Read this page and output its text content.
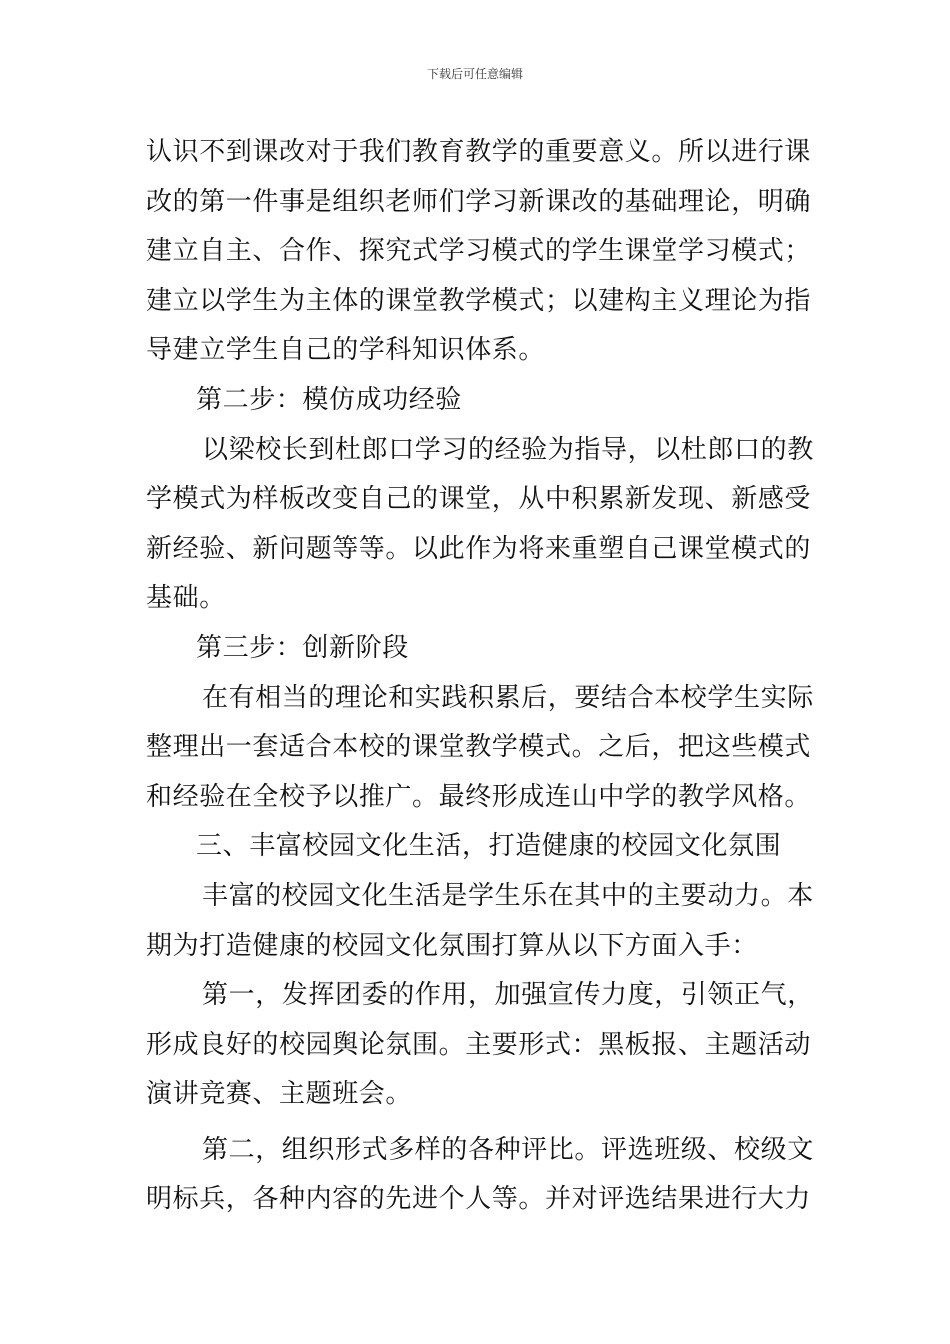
下载后可任意编辑
认识不到课改对于我们教育教学的重要意义。所以进行课
改的第一件事是组织老师们学习新课改的基础理论，明确
建立自主、合作、探究式学习模式的学生课堂学习模式；
建立以学生为主体的课堂教学模式；以建构主义理论为指
导建立学生自己的学科知识体系。
第二步：模仿成功经验
以梁校长到杜郎口学习的经验为指导，以杜郎口的教
学模式为样板改变自己的课堂，从中积累新发现、新感受
新经验、新问题等等。以此作为将来重塑自己课堂模式的
基础。
第三步：创新阶段
在有相当的理论和实践积累后，要结合本校学生实际
整理出一套适合本校的课堂教学模式。之后，把这些模式
和经验在全校予以推广。最终形成连山中学的教学风格。
三、丰富校园文化生活，打造健康的校园文化氛围
丰富的校园文化生活是学生乐在其中的主要动力。本
期为打造健康的校园文化氛围打算从以下方面入手：
第一，发挥团委的作用，加强宣传力度，引领正气，
形成良好的校园舆论氛围。主要形式：黑板报、主题活动
演讲竞赛、主题班会。
第二，组织形式多样的各种评比。评选班级、校级文
明标兵，各种内容的先进个人等。并对评选结果进行大力
